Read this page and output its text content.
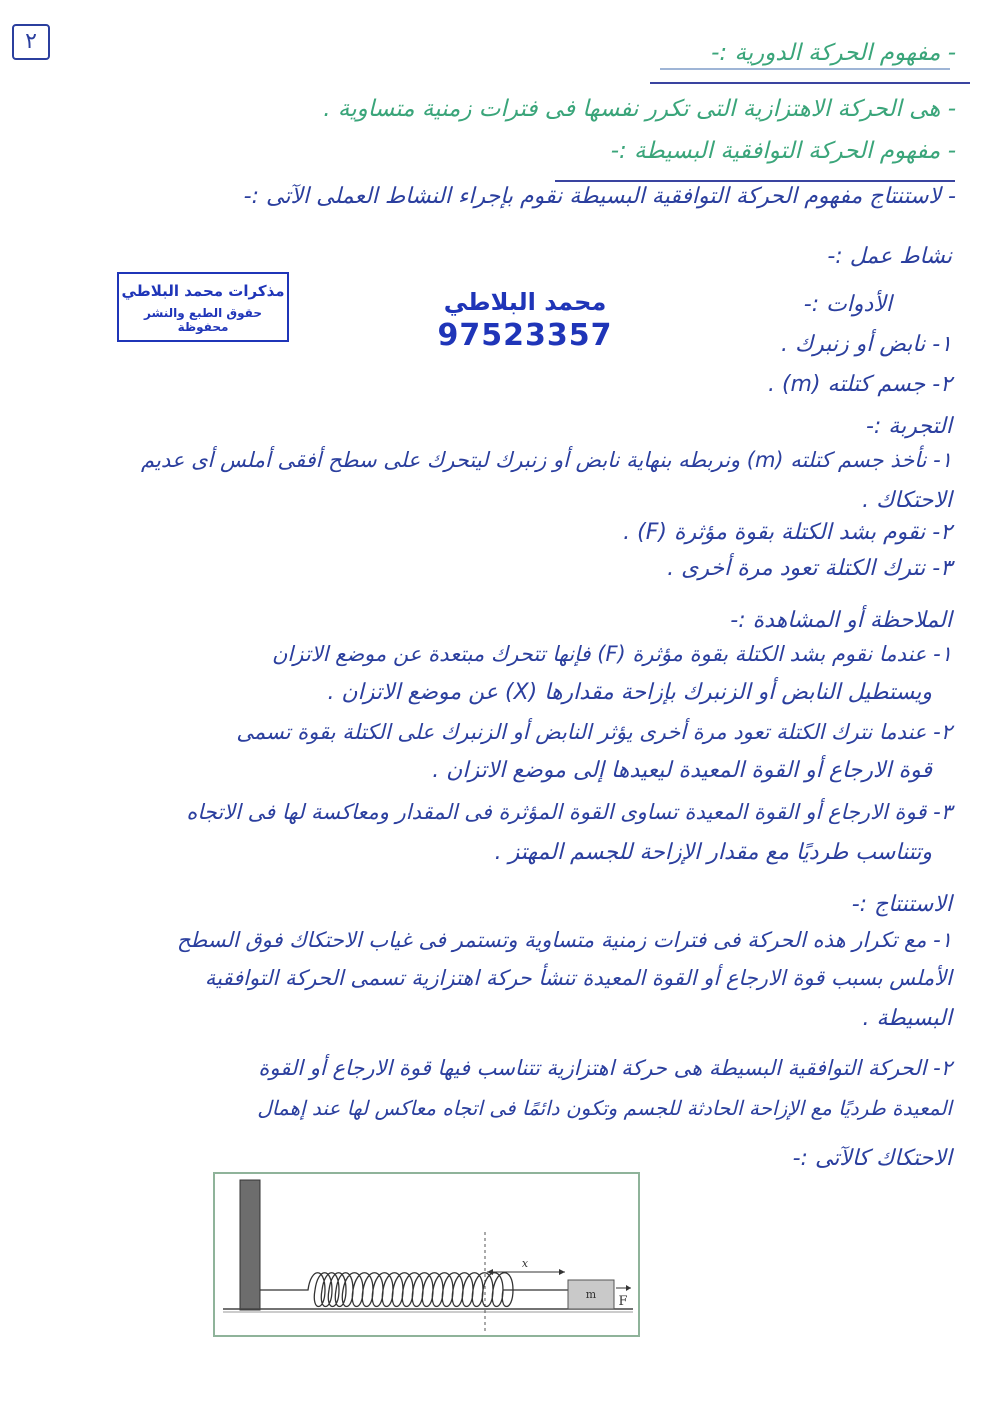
٢	- مفهوم الحركة الدورية :-
- هى الحركة الاهتزازية التى تكرر نفسها فى فترات زمنية متساوية .
- مفهوم الحركة التوافقية البسيطة :-
- لاستنتاج مفهوم الحركة التوافقية البسيطة نقوم بإجراء النشاط العملى الآتى :-
نشاط عمل :-
مذكرات محمد البلاطي
حقوق الطبع والنشر محفوظة
محمد البلاطي
97523357
الأدوات :-
١- نابض أو زنبرك .
٢- جسم كتلته (m) .
التجربة :-
١- نأخذ جسم كتلته (m) ونربطه بنهاية نابض أو زنبرك ليتحرك على سطح أفقى أملس أى عديم
الاحتكاك .
٢- نقوم بشد الكتلة بقوة مؤثرة (F) .
٣- نترك الكتلة تعود مرة أخرى .
الملاحظة أو المشاهدة :-
١- عندما نقوم بشد الكتلة بقوة مؤثرة (F) فإنها تتحرك مبتعدة عن موضع الاتزان
ويستطيل النابض أو الزنبرك بإزاحة مقدارها (X) عن موضع الاتزان .
٢- عندما نترك الكتلة تعود مرة أخرى يؤثر النابض أو الزنبرك على الكتلة بقوة تسمى
قوة الارجاع أو القوة المعيدة ليعيدها إلى موضع الاتزان .
٣- قوة الارجاع أو القوة المعيدة تساوى القوة المؤثرة فى المقدار ومعاكسة لها فى الاتجاه
وتتناسب طرديًا مع مقدار الإزاحة للجسم المهتز .
الاستنتاج :-
١- مع تكرار هذه الحركة فى فترات زمنية متساوية وتستمر فى غياب الاحتكاك فوق السطح
الأملس بسبب قوة الارجاع أو القوة المعيدة تنشأ حركة اهتزازية تسمى الحركة التوافقية
البسيطة .
٢- الحركة التوافقية البسيطة هى حركة اهتزازية تتناسب فيها قوة الارجاع أو القوة
المعيدة طرديًا مع الإزاحة الحادثة للجسم وتكون دائمًا فى اتجاه معاكس لها عند إهمال
الاحتكاك كالآتى :-
x
m F
